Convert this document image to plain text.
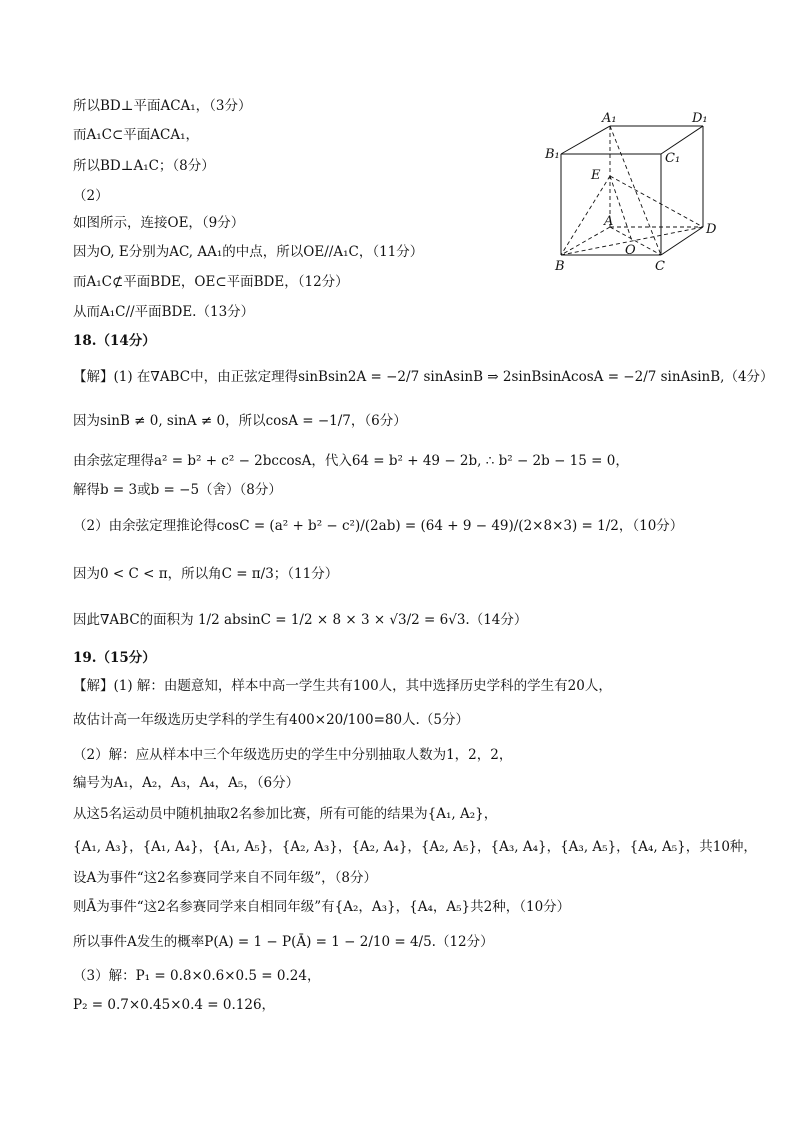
所以BD⊥平面ACA₁，（3分）
而A₁C⊂平面ACA₁，
所以BD⊥A₁C；（8分）
（2）
如图所示，连接OE，（9分）
因为O, E分别为AC, AA₁的中点，所以OE//A₁C，（11分）
而A₁C⊄平面BDE，OE⊂平面BDE，（12分）
从而A₁C//平面BDE.（13分）
18.（14分）
【解】(1) 在∇ABC中，由正弦定理得sinBsin2A = −2/7 sinAsinB ⇒ 2sinBsinAcosA = −2/7 sinAsinB,（4分）
因为sinB ≠ 0, sinA ≠ 0，所以cosA = −1/7，（6分）
由余弦定理得a² = b² + c² − 2bccosA，代入64 = b² + 49 − 2b, ∴ b² − 2b − 15 = 0，
解得b = 3或b = −5（舍）（8分）
（2）由余弦定理推论得cosC = (a² + b² − c²)/(2ab) = (64 + 9 − 49)/(2×8×3) = 1/2，（10分）
因为0 < C < π，所以角C = π/3；（11分）
因此∇ABC的面积为 1/2 absinC = 1/2 × 8 × 3 × √3/2 = 6√3.（14分）
19.（15分）
【解】(1) 解：由题意知，样本中高一学生共有100人，其中选择历史学科的学生有20人，
故估计高一年级选历史学科的学生有400×20/100=80人.（5分）
（2）解：应从样本中三个年级选历史的学生中分别抽取人数为1，2，2，
编号为A₁，A₂，A₃，A₄，A₅，（6分）
从这5名运动员中随机抽取2名参加比赛，所有可能的结果为{A₁, A₂}，
{A₁, A₃}，{A₁, A₄}，{A₁, A₅}，{A₂, A₃}，{A₂, A₄}，{A₂, A₅}，{A₃, A₄}，{A₃, A₅}，{A₄, A₅}，共10种，
设A为事件“这2名参赛同学来自不同年级”，（8分）
则Ā为事件“这2名参赛同学来自相同年级”有{A₂，A₃}，{A₄，A₅}共2种，（10分）
所以事件A发生的概率P(A) = 1 − P(Ā) = 1 − 2/10 = 4/5.（12分）
（3）解：P₁ = 0.8×0.6×0.5 = 0.24，
P₂ = 0.7×0.45×0.4 = 0.126，
A₁	D₁
B₁	C₁
E
A
O
D
B	C
